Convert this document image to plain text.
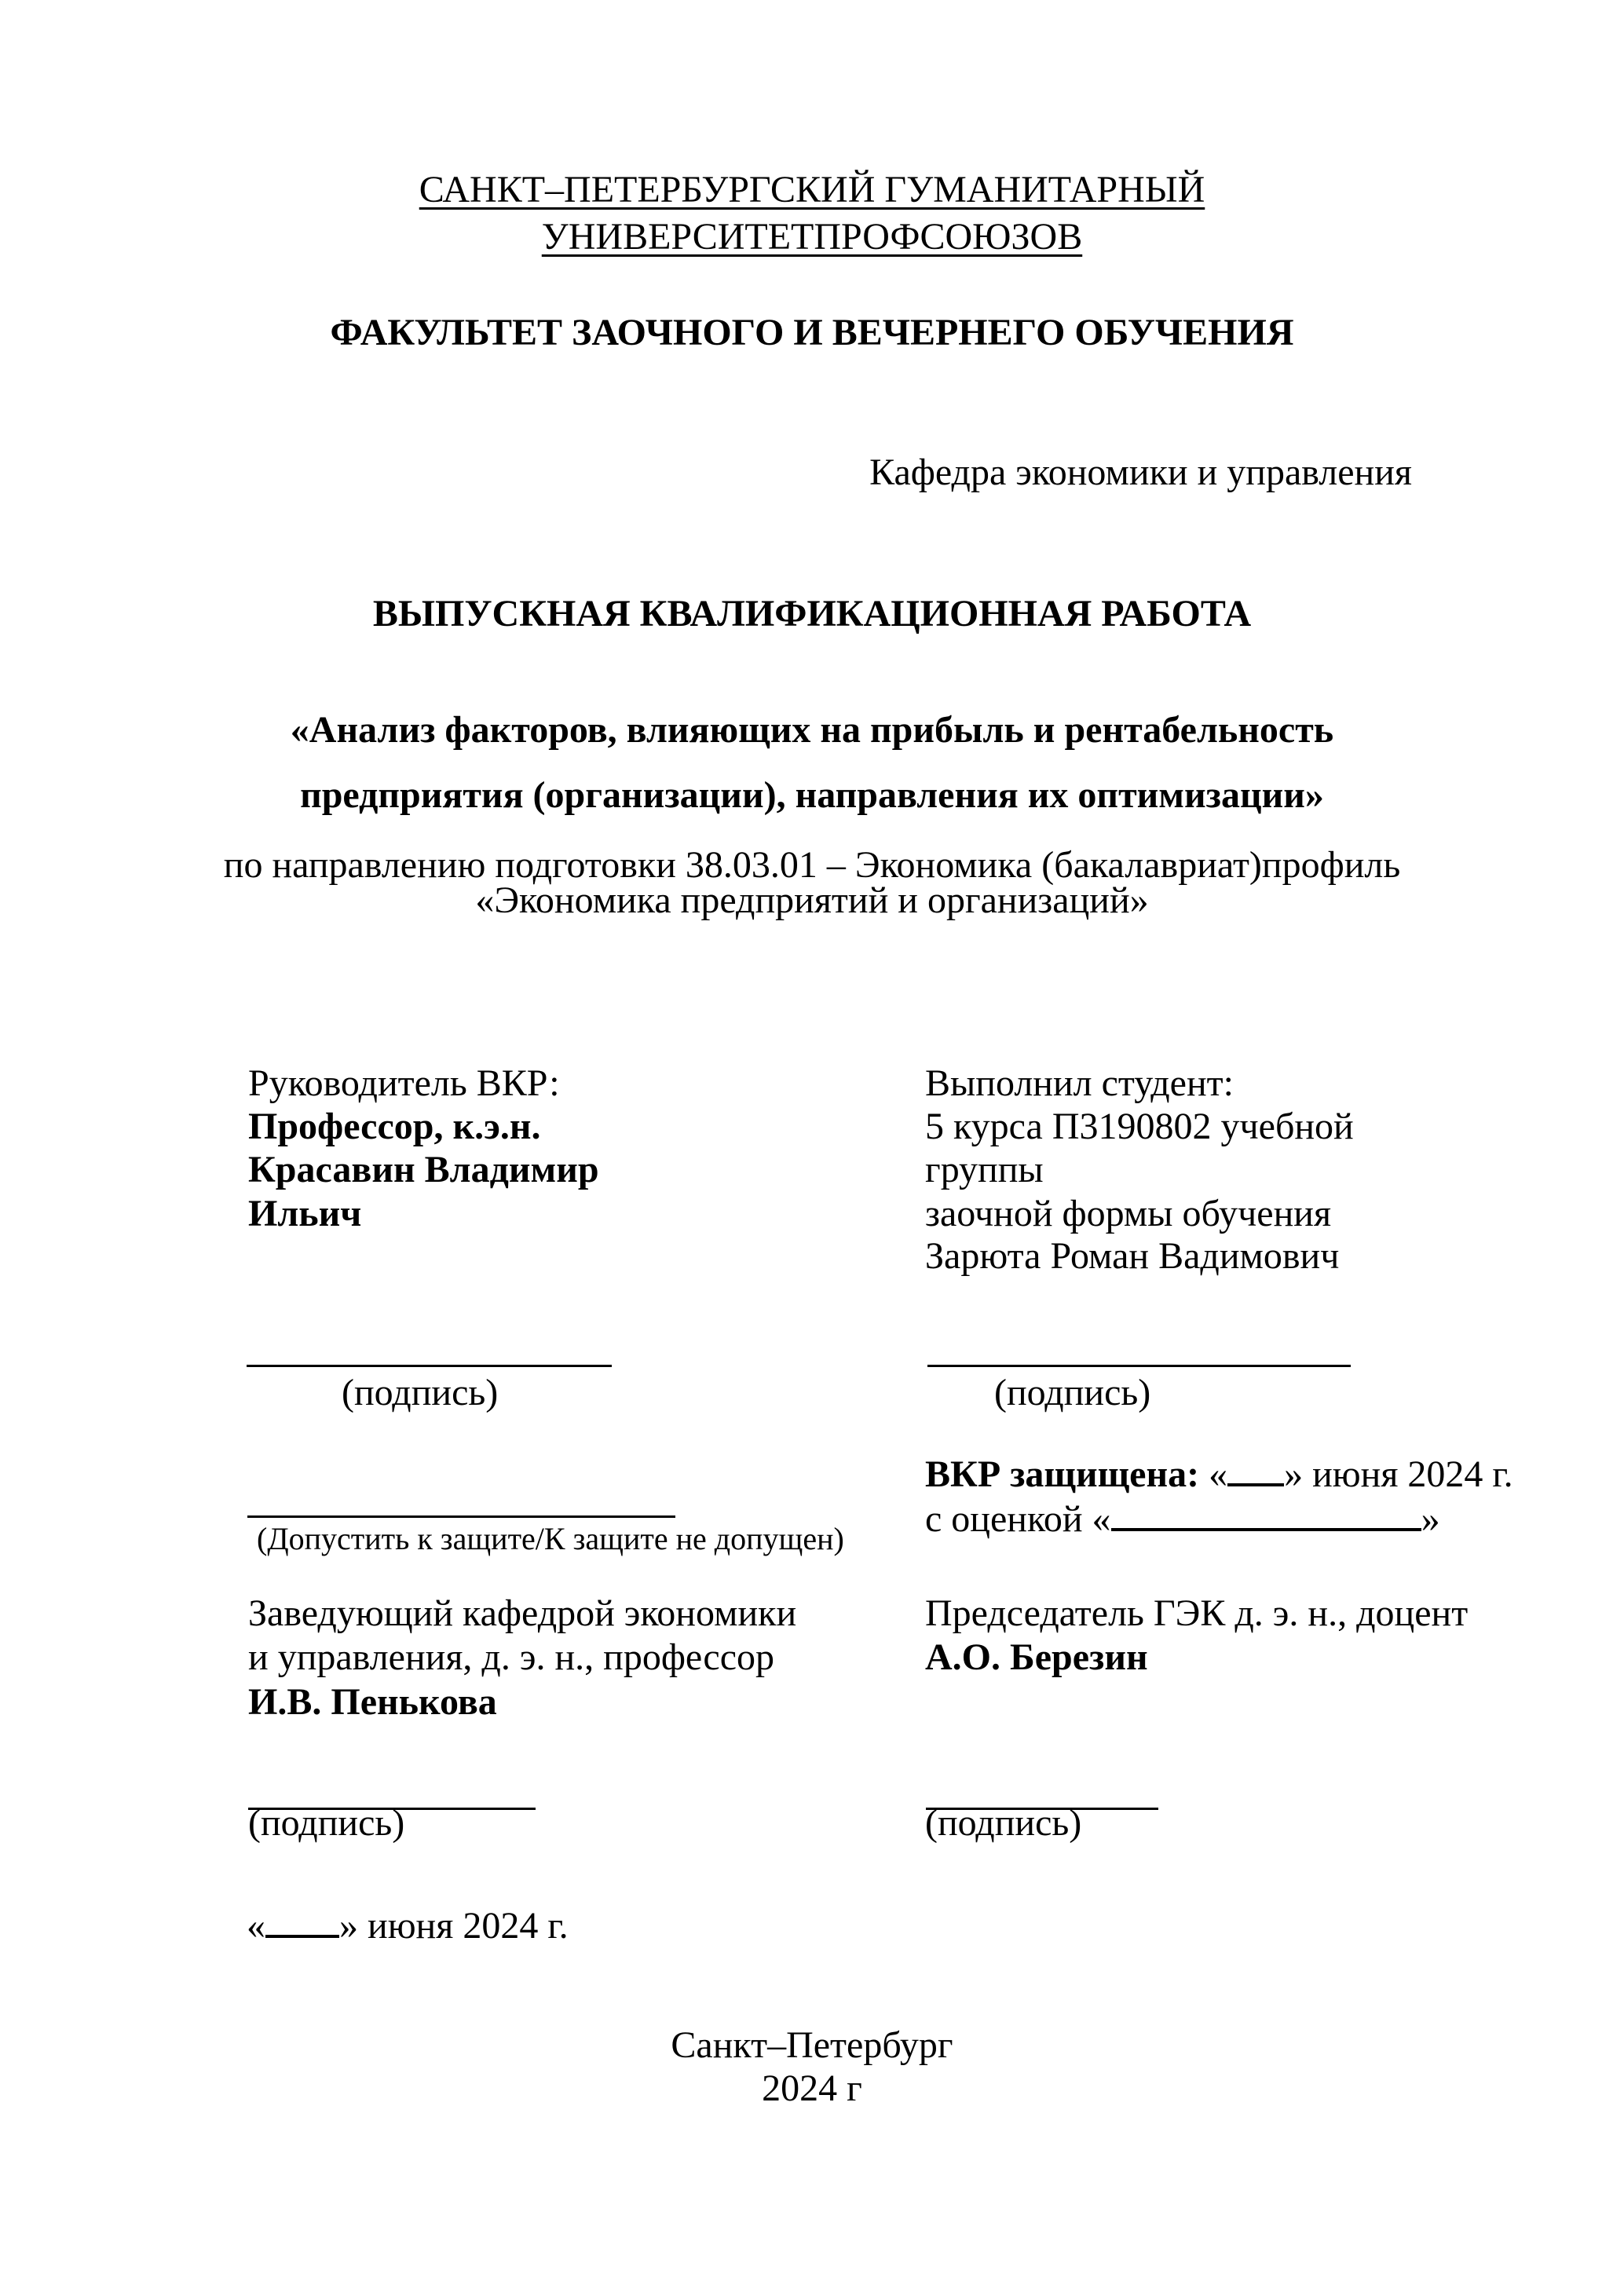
САНКТ–ПЕТЕРБУРГСКИЙ ГУМАНИТАРНЫЙ
УНИВЕРСИТЕТПРОФСОЮЗОВ
ФАКУЛЬТЕТ ЗАОЧНОГО И ВЕЧЕРНЕГО ОБУЧЕНИЯ
Кафедра экономики и управления
ВЫПУСКНАЯ КВАЛИФИКАЦИОННАЯ РАБОТА
«Анализ факторов, влияющих на прибыль и рентабельность
предприятия (организации), направления их оптимизации»
по направлению подготовки 38.03.01 – Экономика (бакалавриат)профиль
«Экономика предприятий и организаций»
Руководитель ВКР:
Профессор, к.э.н.
Красавин Владимир
Ильич
Выполнил студент:
5 курса П3190802 учебной
группы
заочной формы обучения
Зарюта Роман Вадимович
(подпись)	(подпись)
ВКР защищена: « » июня 2024 г.
с оценкой «	»
(Допустить к защите/К защите не допущен)
Заведующий кафедрой экономики
и управления, д. э. н., профессор
И.В. Пенькова
Председатель ГЭК д. э. н., доцент
А.О. Березин
(подпись)	(подпись)
« » июня 2024 г.
Санкт–Петербург
2024 г
